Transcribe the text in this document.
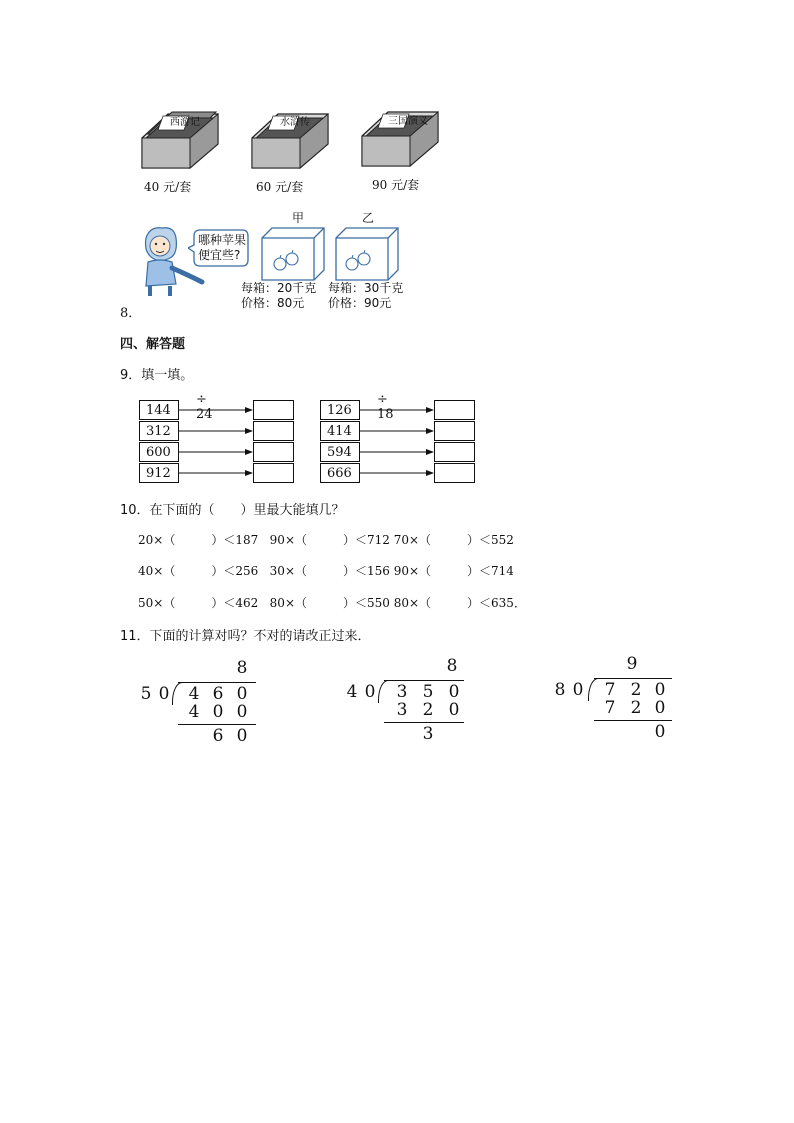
西游记
40 元/套
水浒传
60 元/套
三国演义
90 元/套
哪种苹果
便宜些?
甲	乙
每箱：20千克
价格：80元
每箱：30千克
价格：90元
8．
四、解答题
9．填一填。
÷ 24
144
312
600
912
÷ 18
126
414
594
666
10．在下面的（　　）里最大能填几？
20×（　　　）＜187   90×（　　　）＜712 70×（　　　）＜552
40×（　　　）＜256   30×（　　　）＜156 90×（　　　）＜714
50×（　　　）＜462   80×（　　　）＜550 80×（　　　）＜635．
11．下面的计算对吗？不对的请改正过来．
8
5 0 4 6 0
4 0 0
6 0
8
4 0 3 5 0
3 2 0
3
9
8 0 7 2 0
7 2 0
0
